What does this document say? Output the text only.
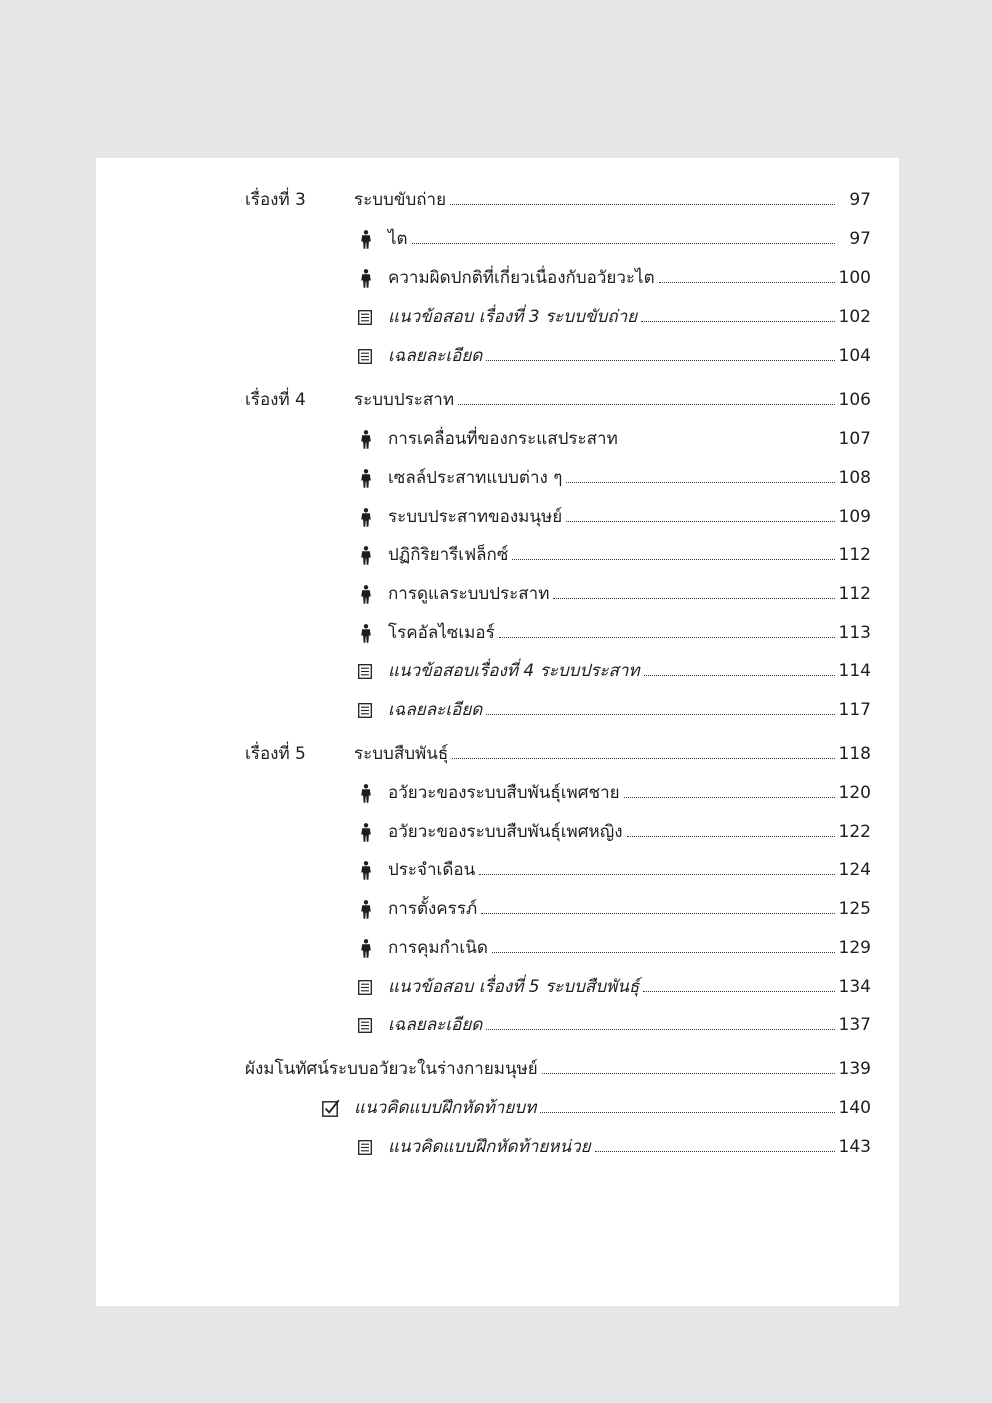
เรื่องที่ 3	ระบบขับถ่าย	97
ไต	97
ความผิดปกติที่เกี่ยวเนื่องกับอวัยวะไต	100
แนวข้อสอบ เรื่องที่ 3 ระบบขับถ่าย	102
เฉลยละเอียด	104
เรื่องที่ 4	ระบบประสาท	106
การเคลื่อนที่ของกระแสประสาท	107
เซลล์ประสาทแบบต่าง ๆ	108
ระบบประสาทของมนุษย์	109
ปฏิกิริยารีเฟล็กซ์	112
การดูแลระบบประสาท	112
โรคอัลไซเมอร์	113
แนวข้อสอบเรื่องที่ 4 ระบบประสาท	114
เฉลยละเอียด	117
เรื่องที่ 5	ระบบสืบพันธุ์	118
อวัยวะของระบบสืบพันธุ์เพศชาย	120
อวัยวะของระบบสืบพันธุ์เพศหญิง	122
ประจำเดือน	124
การตั้งครรภ์	125
การคุมกำเนิด	129
แนวข้อสอบ เรื่องที่ 5 ระบบสืบพันธุ์	134
เฉลยละเอียด	137
ผังมโนทัศน์ระบบอวัยวะในร่างกายมนุษย์	139
แนวคิดแบบฝึกหัดท้ายบท	140
แนวคิดแบบฝึกหัดท้ายหน่วย	143
